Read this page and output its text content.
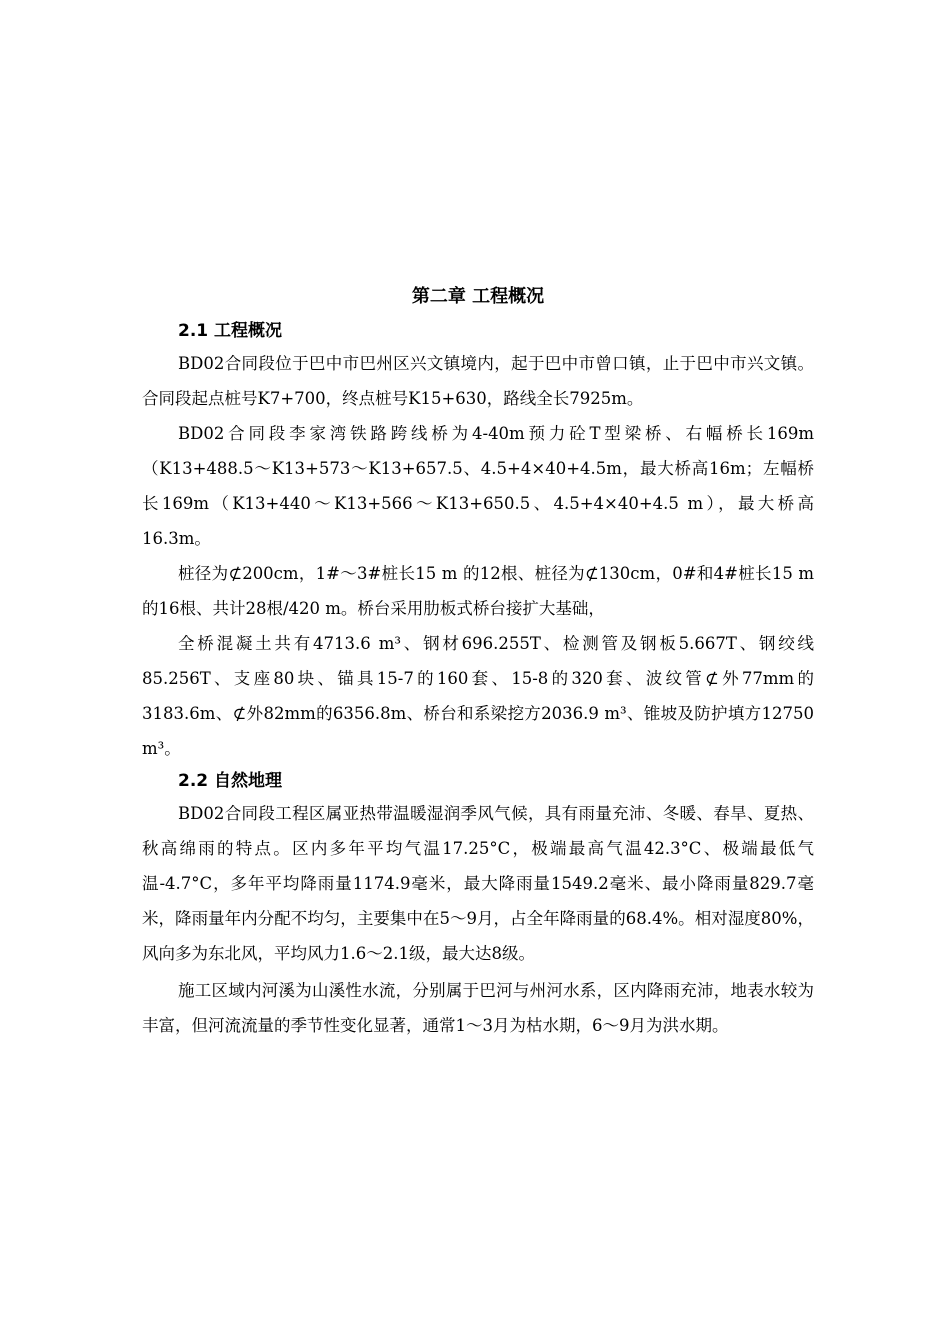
第二章 工程概况
2.1 工程概况

BD02合同段位于巴中市巴州区兴文镇境内，起于巴中市曾口镇，止于巴中市兴文镇。合同段起点桩号K7+700，终点桩号K15+630，路线全长7925m。

BD02合同段李家湾铁路跨线桥为4-40m预力砼T型梁桥、右幅桥长169m（K13+488.5～K13+573～K13+657.5、4.5+4×40+4.5m，最大桥高16m；左幅桥长169m（K13+440～K13+566～K13+650.5、4.5+4×40+4.5 m），最大桥高16.3m。

桩径为⊄200cm，1#～3#桩长15 m 的12根、桩径为⊄130cm，0#和4#桩长15 m 的16根、共计28根/420 m。桥台采用肋板式桥台接扩大基础，

全桥混凝土共有4713.6 m³、钢材696.255T、检测管及钢板5.667T、钢绞线85.256T、支座80块、锚具15-7的160套、15-8的320套、波纹管⊄外77mm的3183.6m、⊄外82mm的6356.8m、桥台和系梁挖方2036.9 m³、锥坡及防护填方12750 m³。

2.2 自然地理

BD02合同段工程区属亚热带温暖湿润季风气候，具有雨量充沛、冬暖、春旱、夏热、秋高绵雨的特点。区内多年平均气温17.25°C，极端最高气温42.3°C、极端最低气温-4.7°C，多年平均降雨量1174.9毫米，最大降雨量1549.2毫米、最小降雨量829.7毫米，降雨量年内分配不均匀，主要集中在5～9月，占全年降雨量的68.4%。相对湿度80%，风向多为东北风，平均风力1.6～2.1级，最大达8级。

施工区域内河溪为山溪性水流，分别属于巴河与州河水系，区内降雨充沛，地表水较为丰富，但河流流量的季节性变化显著，通常1～3月为枯水期，6～9月为洪水期。
